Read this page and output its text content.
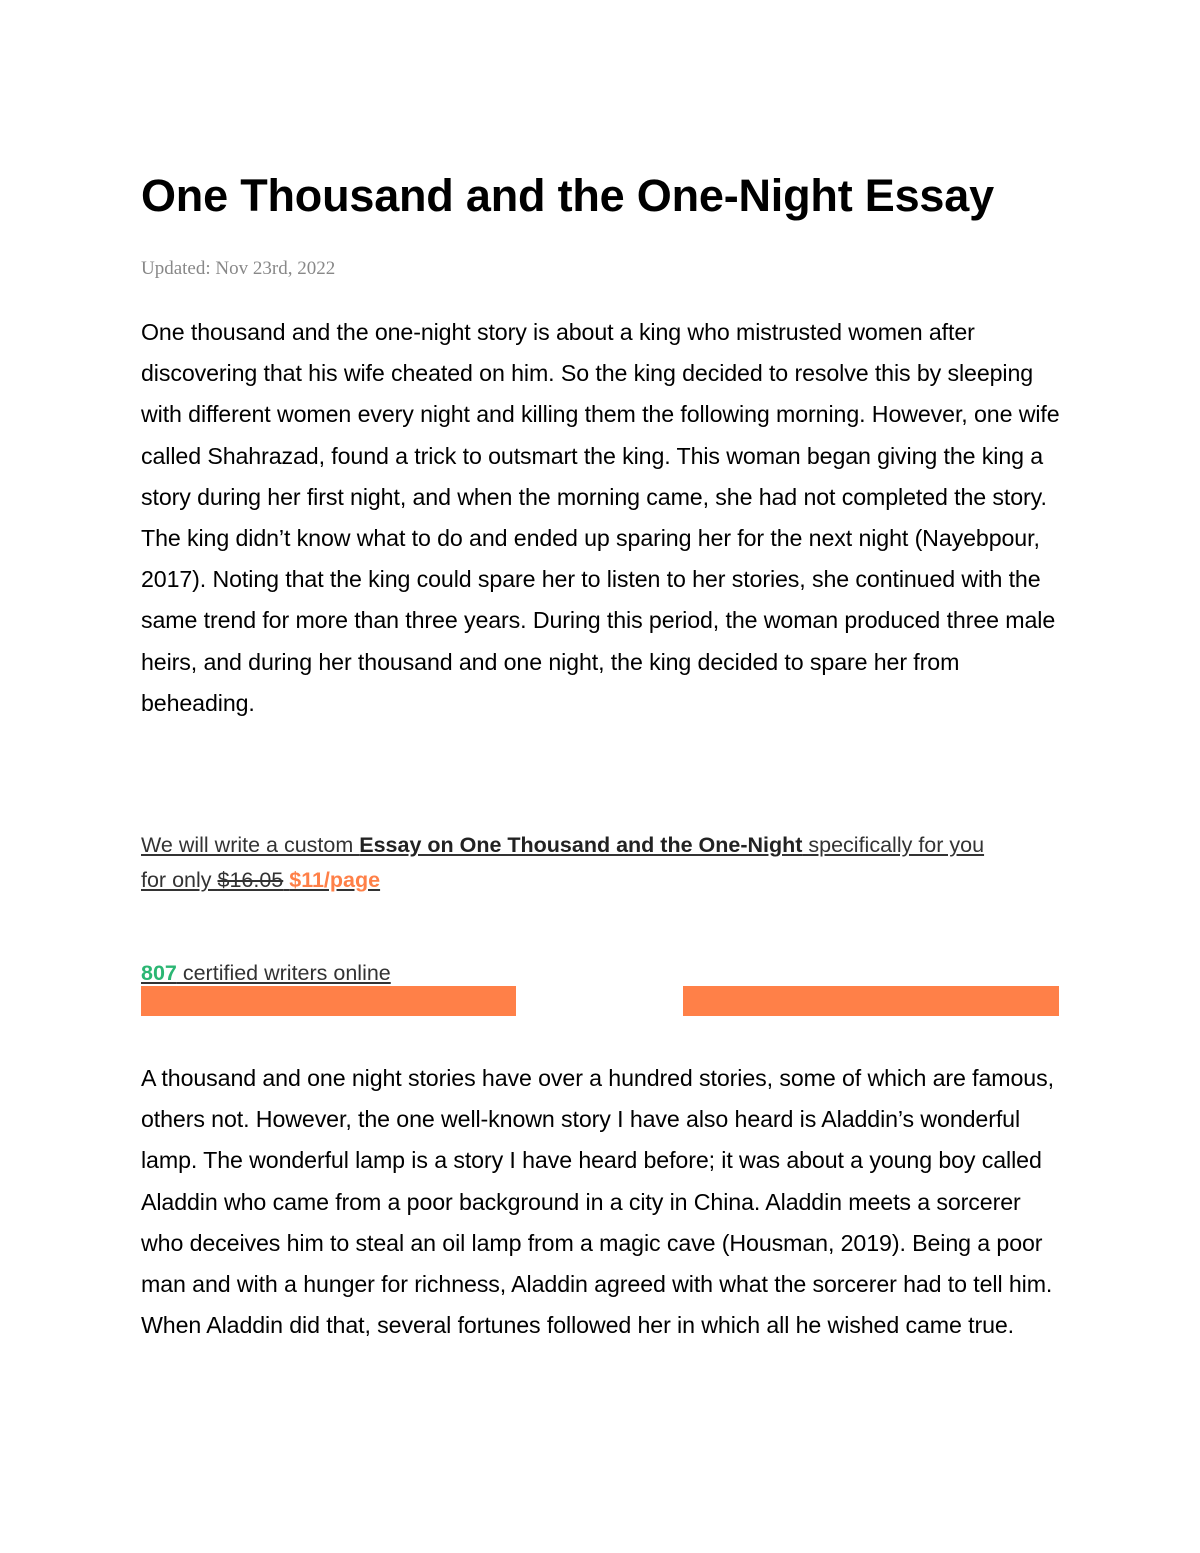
One Thousand and the One-Night Essay
Updated: Nov 23rd, 2022

One thousand and the one-night story is about a king who mistrusted women after discovering that his wife cheated on him. So the king decided to resolve this by sleeping with different women every night and killing them the following morning. However, one wife called Shahrazad, found a trick to outsmart the king. This woman began giving the king a story during her first night, and when the morning came, she had not completed the story. The king didn’t know what to do and ended up sparing her for the next night (Nayebpour, 2017). Noting that the king could spare her to listen to her stories, she continued with the same trend for more than three years. During this period, the woman produced three male heirs, and during her thousand and one night, the king decided to spare her from beheading.

We will write a custom Essay on One Thousand and the One-Night specifically for you
for only $16.05 $11/page
807 certified writers online

A thousand and one night stories have over a hundred stories, some of which are famous, others not. However, the one well-known story I have also heard is Aladdin’s wonderful lamp. The wonderful lamp is a story I have heard before; it was about a young boy called Aladdin who came from a poor background in a city in China. Aladdin meets a sorcerer who deceives him to steal an oil lamp from a magic cave (Housman, 2019). Being a poor man and with a hunger for richness, Aladdin agreed with what the sorcerer had to tell him. When Aladdin did that, several fortunes followed her in which all he wished came true.
